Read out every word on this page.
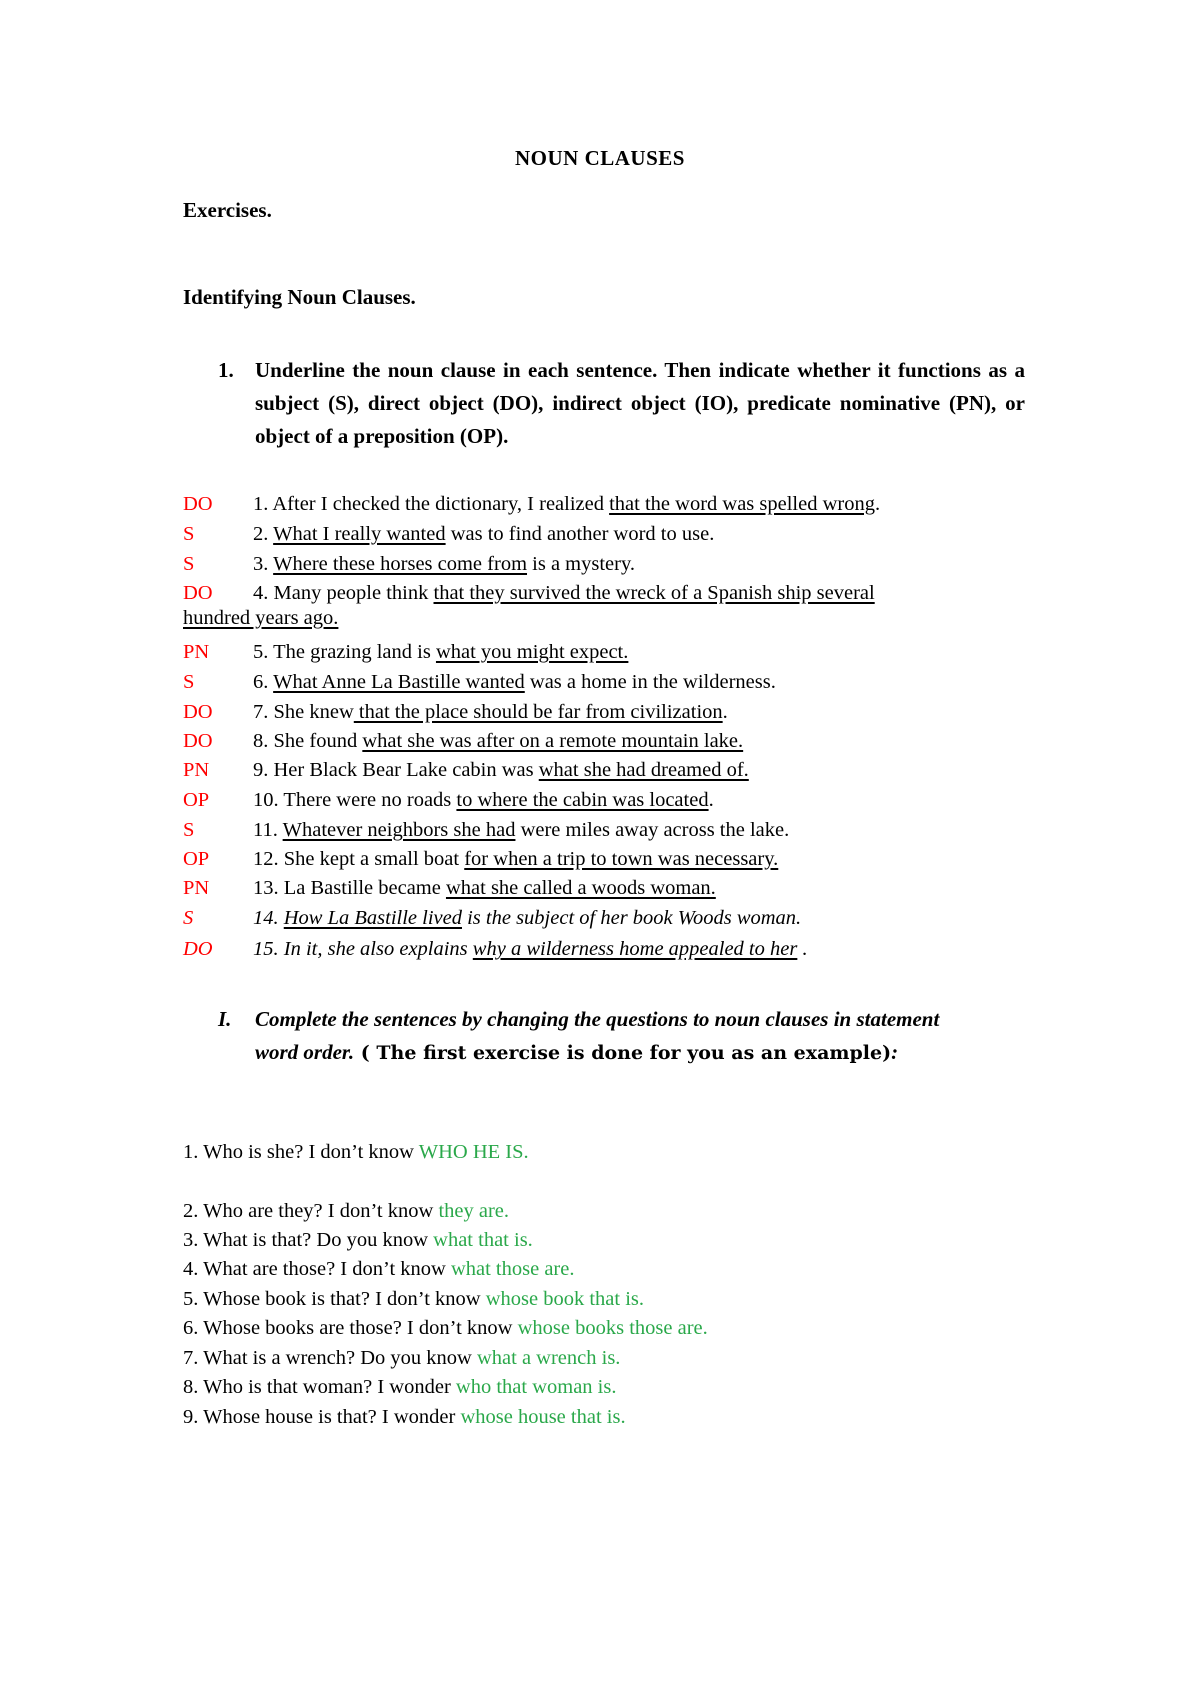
NOUN CLAUSES
Exercises.
Identifying Noun Clauses.
1. Underline the noun clause in each sentence. Then indicate whether it functions as a subject (S), direct object (DO), indirect object (IO), predicate nominative (PN), or object of a preposition (OP).
DO 1. After I checked the dictionary, I realized that the word was spelled wrong.
S	2. What I really wanted was to find another word to use.
S	3. Where these horses come from is a mystery.
DO 4. Many people think that they survived the wreck of a Spanish ship several
hundred years ago.
PN 5. The grazing land is what you might expect.
S	6. What Anne La Bastille wanted was a home in the wilderness.
DO 7. She knew that the place should be far from civilization.
DO 8. She found what she was after on a remote mountain lake.
PN 9. Her Black Bear Lake cabin was what she had dreamed of.
OP 10. There were no roads to where the cabin was located.
S	11. Whatever neighbors she had were miles away across the lake.
OP 12. She kept a small boat for when a trip to town was necessary.
PN 13. La Bastille became what she called a woods woman.
S	14. How La Bastille lived is the subject of her book Woods woman.
DO 15. In it, she also explains why a wilderness home appealed to her .
I. Complete the sentences by changing the questions to noun clauses in statement word order. ( The first exercise is done for you as an example):
1. Who is she? I don’t know WHO HE IS.
2. Who are they? I don’t know they are.
3. What is that? Do you know what that is.
4. What are those? I don’t know what those are.
5. Whose book is that? I don’t know whose book that is.
6. Whose books are those? I don’t know whose books those are.
7. What is a wrench? Do you know what a wrench is.
8. Who is that woman? I wonder who that woman is.
9. Whose house is that? I wonder whose house that is.
